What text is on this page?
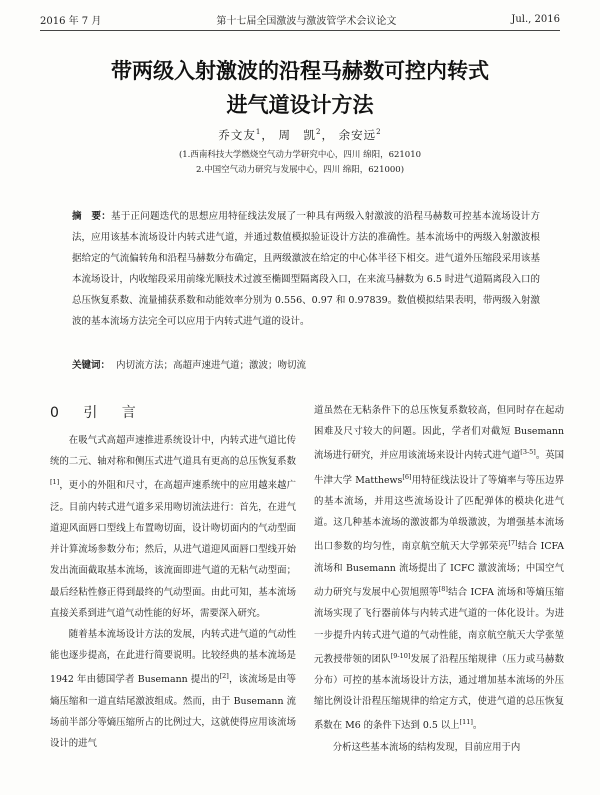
2016 年 7 月	第十七届全国激波与激波管学术会议论文	Jul., 2016
带两级入射激波的沿程马赫数可控内转式
进气道设计方法
乔文友$^1$， 周　凯$^2$， 余安远$^2$
(1.西南科技大学燃烧空气动力学研究中心，四川 绵阳，621010
2.中国空气动力研究与发展中心，四川 绵阳，621000)
摘　要：基于正问题迭代的思想应用特征线法发展了一种具有两级入射激波的沿程马赫数可控基本流场设计方法，应用该基本流场设计内转式进气道，并通过数值模拟验证设计方法的准确性。基本流场中的两级入射激波根据给定的气流偏转角和沿程马赫数分布确定，且两级激波在给定的中心体半径下相交。进气道外压缩段采用该基本流场设计，内收缩段采用前缘光顺技术过渡至椭圆型隔离段入口，在来流马赫数为 6.5 时进气道隔离段入口的总压恢复系数、流量捕获系数和动能效率分别为 0.556、0.97 和 0.97839。数值模拟结果表明，带两级入射激波的基本流场方法完全可以应用于内转式进气道的设计。
关键词： 内切流方法；高超声速进气道；激波；吻切流
0 引 言

在吸气式高超声速推进系统设计中，内转式进气道比传统的二元、轴对称和侧压式进气道具有更高的总压恢复系数[1]，更小的外阻和尺寸，在高超声速系统中的应用越来越广泛。目前内转式进气道多采用吻切流法进行：首先，在进气道迎风面唇口型线上布置吻切面，设计吻切面内的气动型面并计算流场参数分布；然后，从进气道迎风面唇口型线开始发出流面截取基本流场，该流面即进气道的无粘气动型面；最后经粘性修正得到最终的气动型面。由此可知，基本流场直接关系到进气道气动性能的好坏，需要深入研究。

随着基本流场设计方法的发展，内转式进气道的气动性能也逐步提高，在此进行简要说明。比较经典的基本流场是 1942 年由德国学者 Busemann 提出的[2]，该流场是由等熵压缩和一道直结尾激波组成。然而，由于 Busemann 流场前半部分等熵压缩所占的比例过大，这就使得应用该流场设计的进气

道虽然在无粘条件下的总压恢复系数较高，但同时存在起动困难及尺寸较大的问题。因此，学者们对截短 Busemann 流场进行研究，并应用该流场来设计内转式进气道[3-5]。英国牛津大学 Matthews[6]用特征线法设计了等熵率与等压边界的基本流场，并用这些流场设计了匹配弹体的模块化进气道。这几种基本流场的激波都为单级激波，为增强基本流场出口参数的均匀性，南京航空航天大学郭荣亮[7]结合 ICFA 流场和 Busemann 流场提出了 ICFC 激波流场；中国空气动力研究与发展中心贺旭照等[8]结合 ICFA 流场和等熵压缩流场实现了飞行器前体与内转式进气道的一体化设计。为进一步提升内转式进气道的气动性能，南京航空航天大学张堃元教授带领的团队[9-10]发展了沿程压缩规律（压力或马赫数分布）可控的基本流场设计方法，通过增加基本流场的外压缩比例设计沿程压缩规律的给定方式，使进气道的总压恢复系数在 M6 的条件下达到 0.5 以上[11]。

分析这些基本流场的结构发现，目前应用于内
